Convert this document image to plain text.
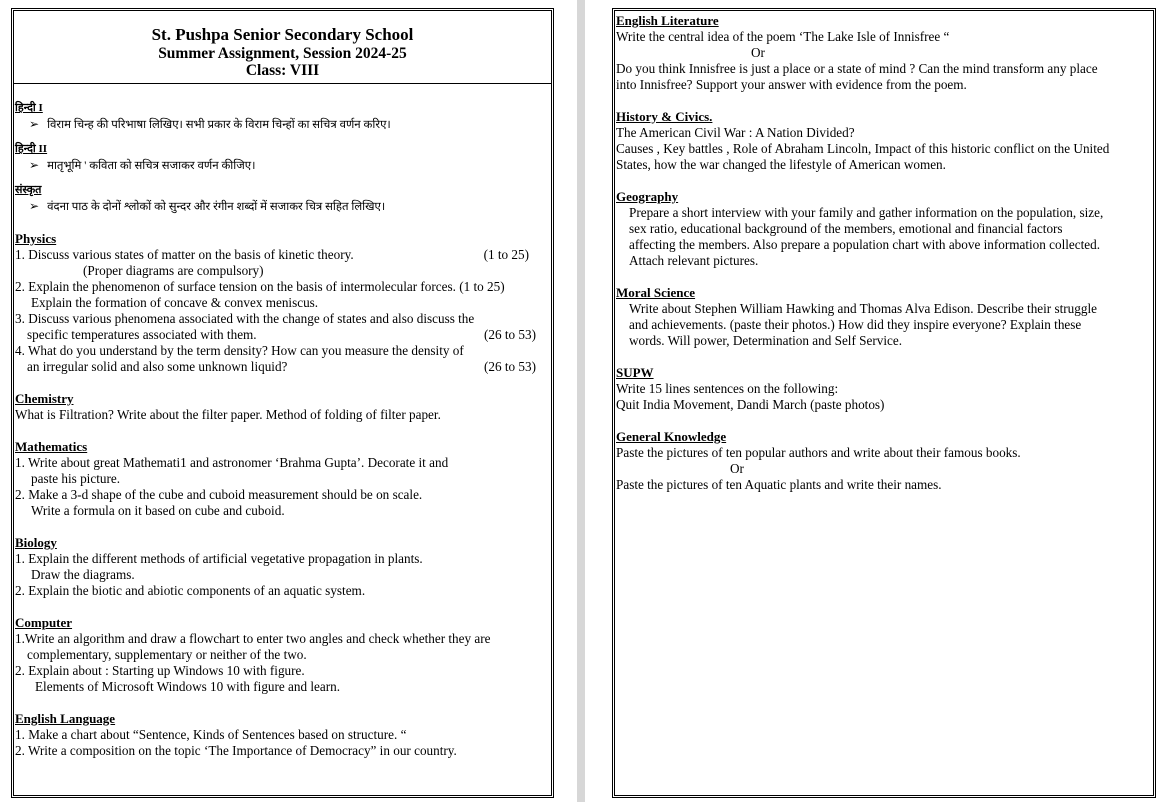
St. Pushpa Senior Secondary School
Summer Assignment, Session 2024-25
Class: VIII
हिन्दी I
➢ विराम चिन्ह की परिभाषा लिखिए। सभी प्रकार के विराम चिन्हों का सचित्र वर्णन करिए।
हिन्दी II
➢ मातृभूमि ' कविता को सचित्र सजाकर वर्णन कीजिए।
संस्कृत
➢ वंदना पाठ के दोनों श्लोकों को सुन्दर और रंगीन शब्दों में सजाकर चित्र सहित लिखिए।
Physics
1. Discuss various states of matter on the basis of kinetic theory.	(1 to 25)
(Proper diagrams are compulsory)
2. Explain the phenomenon of surface tension on the basis of intermolecular forces. (1 to 25)
Explain the formation of concave & convex meniscus.
3. Discuss various phenomena associated with the change of states and also discuss the
specific temperatures associated with them.	(26 to 53)
4. What do you understand by the term density? How can you measure the density of
an irregular solid and also some unknown liquid?	(26 to 53)
Chemistry
What is Filtration? Write about the filter paper. Method of folding of filter paper.
Mathematics
1. Write about great Mathemati1 and astronomer ‘Brahma Gupta’. Decorate it and
paste his picture.
2. Make a 3-d shape of the cube and cuboid measurement should be on scale.
Write a formula on it based on cube and cuboid.
Biology
1. Explain the different methods of artificial vegetative propagation in plants.
Draw the diagrams.
2. Explain the biotic and abiotic components of an aquatic system.
Computer
1.Write an algorithm and draw a flowchart to enter two angles and check whether they are
complementary, supplementary or neither of the two.
2. Explain about : Starting up Windows 10 with figure.
Elements of Microsoft Windows 10 with figure and learn.
English Language
1. Make a chart about “Sentence, Kinds of Sentences based on structure. “
2. Write a composition on the topic ‘The Importance of Democracy” in our country.
English Literature
Write the central idea of the poem ‘The Lake Isle of Innisfree “
Or
Do you think Innisfree is just a place or a state of mind ? Can the mind transform any place
into Innisfree? Support your answer with evidence from the poem.
History & Civics.
The American Civil War : A Nation Divided?
Causes , Key battles , Role of Abraham Lincoln, Impact of this historic conflict on the United
States, how the war changed the lifestyle of American women.
Geography
Prepare a short interview with your family and gather information on the population, size,
sex ratio, educational background of the members, emotional and financial factors
affecting the members. Also prepare a population chart with above information collected.
Attach relevant pictures.
Moral Science
Write about Stephen William Hawking and Thomas Alva Edison. Describe their struggle
and achievements. (paste their photos.) How did they inspire everyone? Explain these
words. Will power, Determination and Self Service.
SUPW
Write 15 lines sentences on the following:
Quit India Movement, Dandi March (paste photos)
General Knowledge
Paste the pictures of ten popular authors and write about their famous books.
Or
Paste the pictures of ten Aquatic plants and write their names.
